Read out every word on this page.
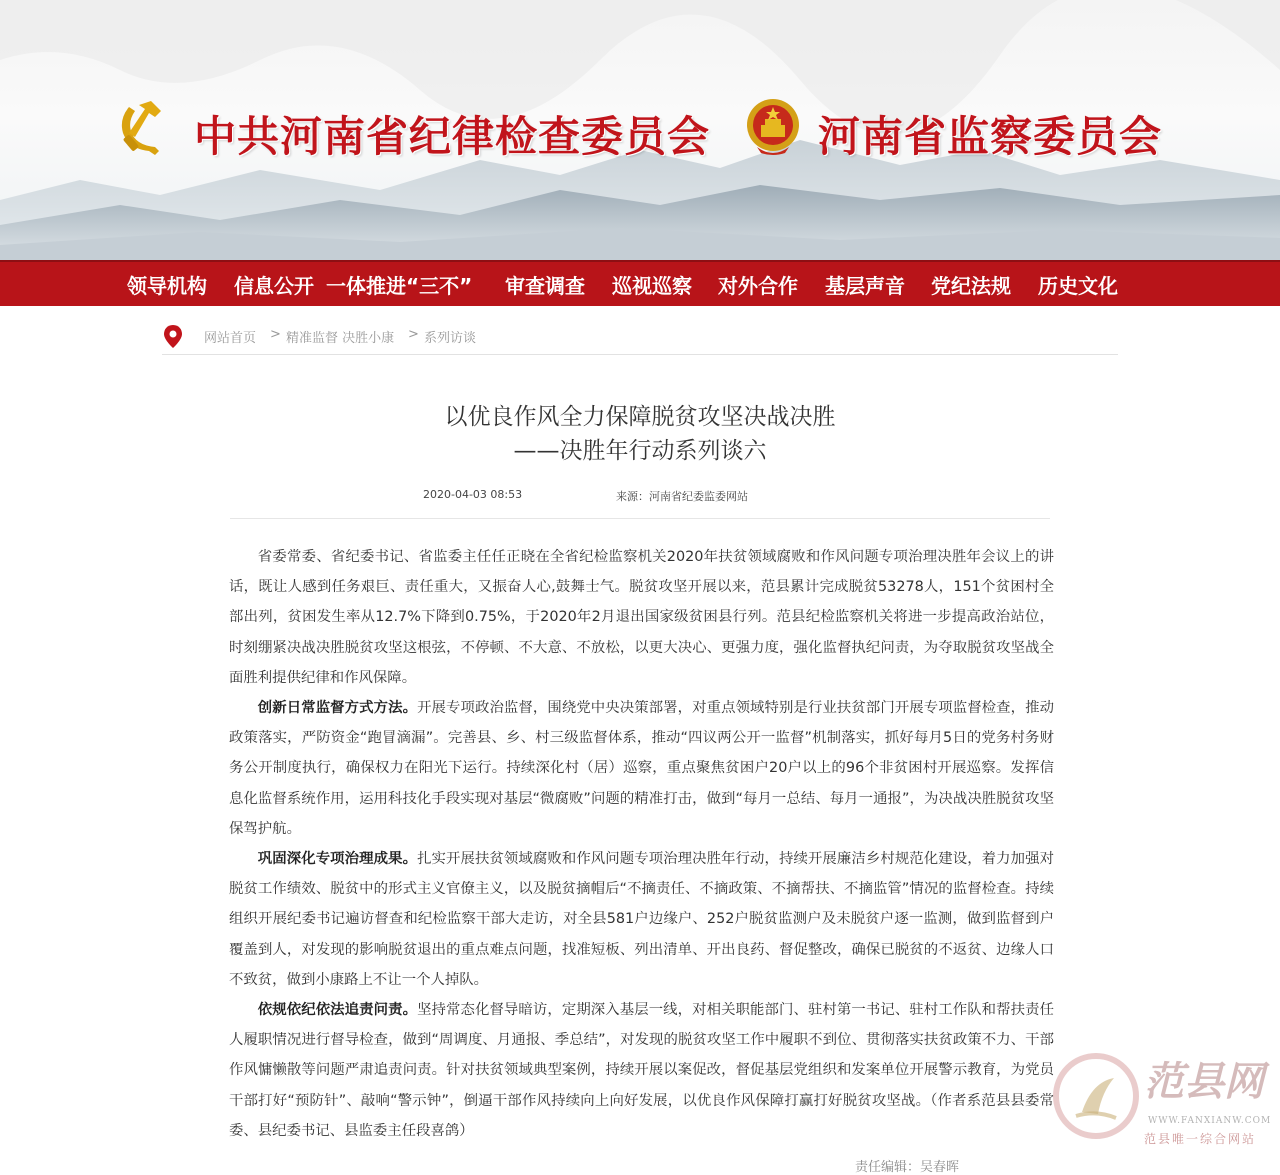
中共河南省纪律检查委员会	河南省监察委员会
领导机构 信息公开 一体推进“三不” 审查调查 巡视巡察 对外合作 基层声音 党纪法规 历史文化
网站首页 > 精准监督 决胜小康 > 系列访谈
以优良作风全力保障脱贫攻坚决战决胜
——决胜年行动系列谈六
2020-04-03 08:53	来源：河南省纪委监委网站

省委常委、省纪委书记、省监委主任任正晓在全省纪检监察机关2020年扶贫领域腐败和作风问题专项治理决胜年会议上的讲话，既让人感到任务艰巨、责任重大，又振奋人心,鼓舞士气。脱贫攻坚开展以来，范县累计完成脱贫53278人，151个贫困村全部出列，贫困发生率从12.7%下降到0.75%，于2020年2月退出国家级贫困县行列。范县纪检监察机关将进一步提高政治站位，时刻绷紧决战决胜脱贫攻坚这根弦，不停顿、不大意、不放松，以更大决心、更强力度，强化监督执纪问责，为夺取脱贫攻坚战全面胜利提供纪律和作风保障。

创新日常监督方式方法。开展专项政治监督，围绕党中央决策部署，对重点领域特别是行业扶贫部门开展专项监督检查，推动政策落实，严防资金“跑冒滴漏”。完善县、乡、村三级监督体系，推动“四议两公开一监督”机制落实，抓好每月5日的党务村务财务公开制度执行，确保权力在阳光下运行。持续深化村（居）巡察，重点聚焦贫困户20户以上的96个非贫困村开展巡察。发挥信息化监督系统作用，运用科技化手段实现对基层“微腐败”问题的精准打击，做到“每月一总结、每月一通报”，为决战决胜脱贫攻坚保驾护航。

巩固深化专项治理成果。扎实开展扶贫领域腐败和作风问题专项治理决胜年行动，持续开展廉洁乡村规范化建设，着力加强对脱贫工作绩效、脱贫中的形式主义官僚主义，以及脱贫摘帽后“不摘责任、不摘政策、不摘帮扶、不摘监管”情况的监督检查。持续组织开展纪委书记遍访督查和纪检监察干部大走访，对全县581户边缘户、252户脱贫监测户及未脱贫户逐一监测，做到监督到户覆盖到人，对发现的影响脱贫退出的重点难点问题，找准短板、列出清单、开出良药、督促整改，确保已脱贫的不返贫、边缘人口不致贫，做到小康路上不让一个人掉队。

依规依纪依法追责问责。坚持常态化督导暗访，定期深入基层一线，对相关职能部门、驻村第一书记、驻村工作队和帮扶责任人履职情况进行督导检查，做到“周调度、月通报、季总结”，对发现的脱贫攻坚工作中履职不到位、贯彻落实扶贫政策不力、干部作风慵懒散等问题严肃追责问责。针对扶贫领域典型案例，持续开展以案促改，督促基层党组织和发案单位开展警示教育，为党员干部打好“预防针”、敲响“警示钟”，倒逼干部作风持续向上向好发展，以优良作风保障打赢打好脱贫攻坚战。（作者系范县县委常委、县纪委书记、县监委主任段喜鸽）

责任编辑：吴春晖
范县网
WWW.FANXIANW.COM
范县唯一综合网站
